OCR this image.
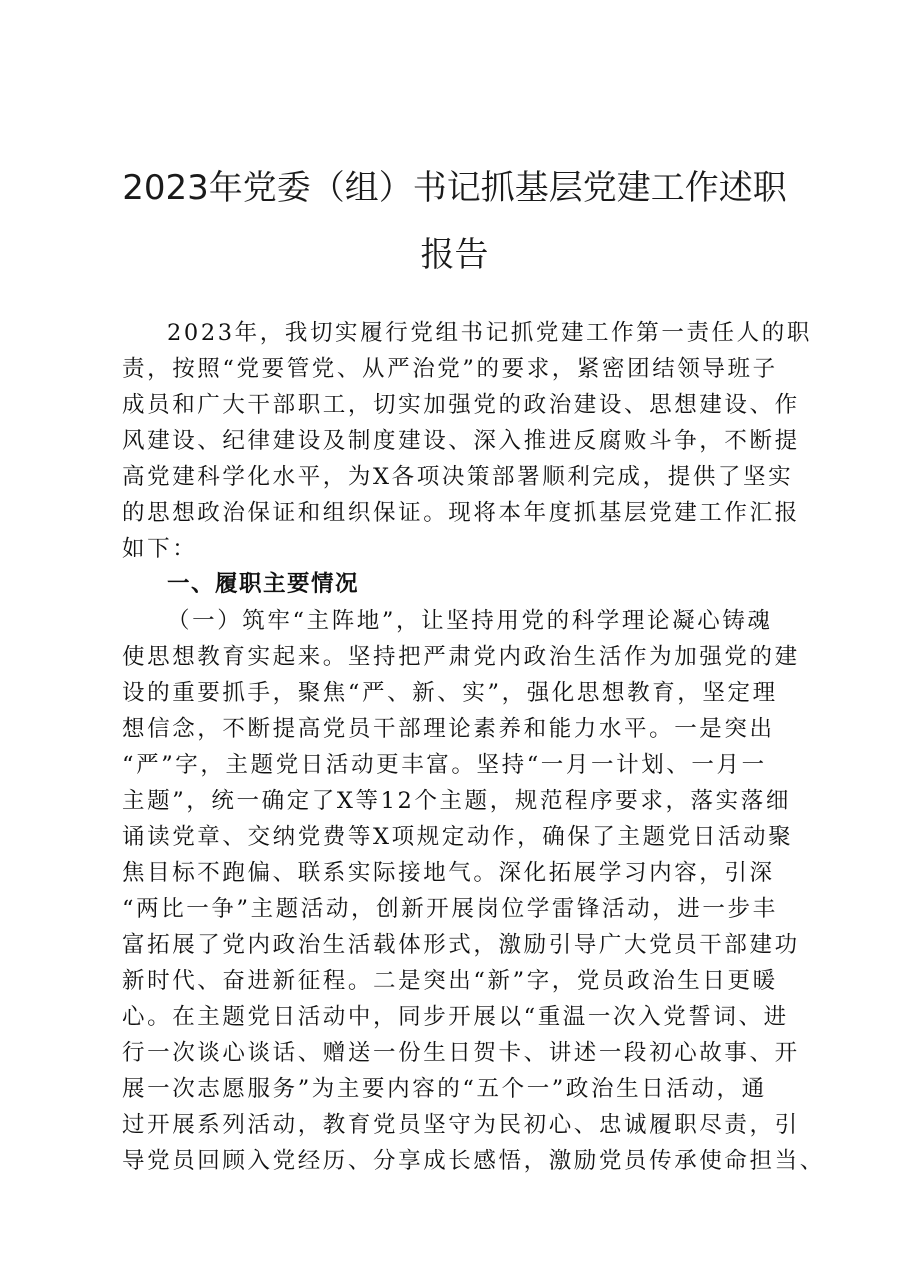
2023年党委（组）书记抓基层党建工作述职
报告
2023年，我切实履行党组书记抓党建工作第一责任人的职
责，按照“党要管党、从严治党”的要求，紧密团结领导班子
成员和广大干部职工，切实加强党的政治建设、思想建设、作
风建设、纪律建设及制度建设、深入推进反腐败斗争，不断提
高党建科学化水平，为X各项决策部署顺利完成，提供了坚实
的思想政治保证和组织保证。现将本年度抓基层党建工作汇报
如下：
一、履职主要情况
（一）筑牢“主阵地”，让坚持用党的科学理论凝心铸魂
使思想教育实起来。坚持把严肃党内政治生活作为加强党的建
设的重要抓手，聚焦“严、新、实”，强化思想教育，坚定理
想信念，不断提高党员干部理论素养和能力水平。一是突出
“严”字，主题党日活动更丰富。坚持“一月一计划、一月一
主题”，统一确定了X等12个主题，规范程序要求，落实落细
诵读党章、交纳党费等X项规定动作，确保了主题党日活动聚
焦目标不跑偏、联系实际接地气。深化拓展学习内容，引深
“两比一争”主题活动，创新开展岗位学雷锋活动，进一步丰
富拓展了党内政治生活载体形式，激励引导广大党员干部建功
新时代、奋进新征程。二是突出“新”字，党员政治生日更暖
心。在主题党日活动中，同步开展以“重温一次入党誓词、进
行一次谈心谈话、赠送一份生日贺卡、讲述一段初心故事、开
展一次志愿服务”为主要内容的“五个一”政治生日活动，通
过开展系列活动，教育党员坚守为民初心、忠诚履职尽责，引
导党员回顾入党经历、分享成长感悟，激励党员传承使命担当、
